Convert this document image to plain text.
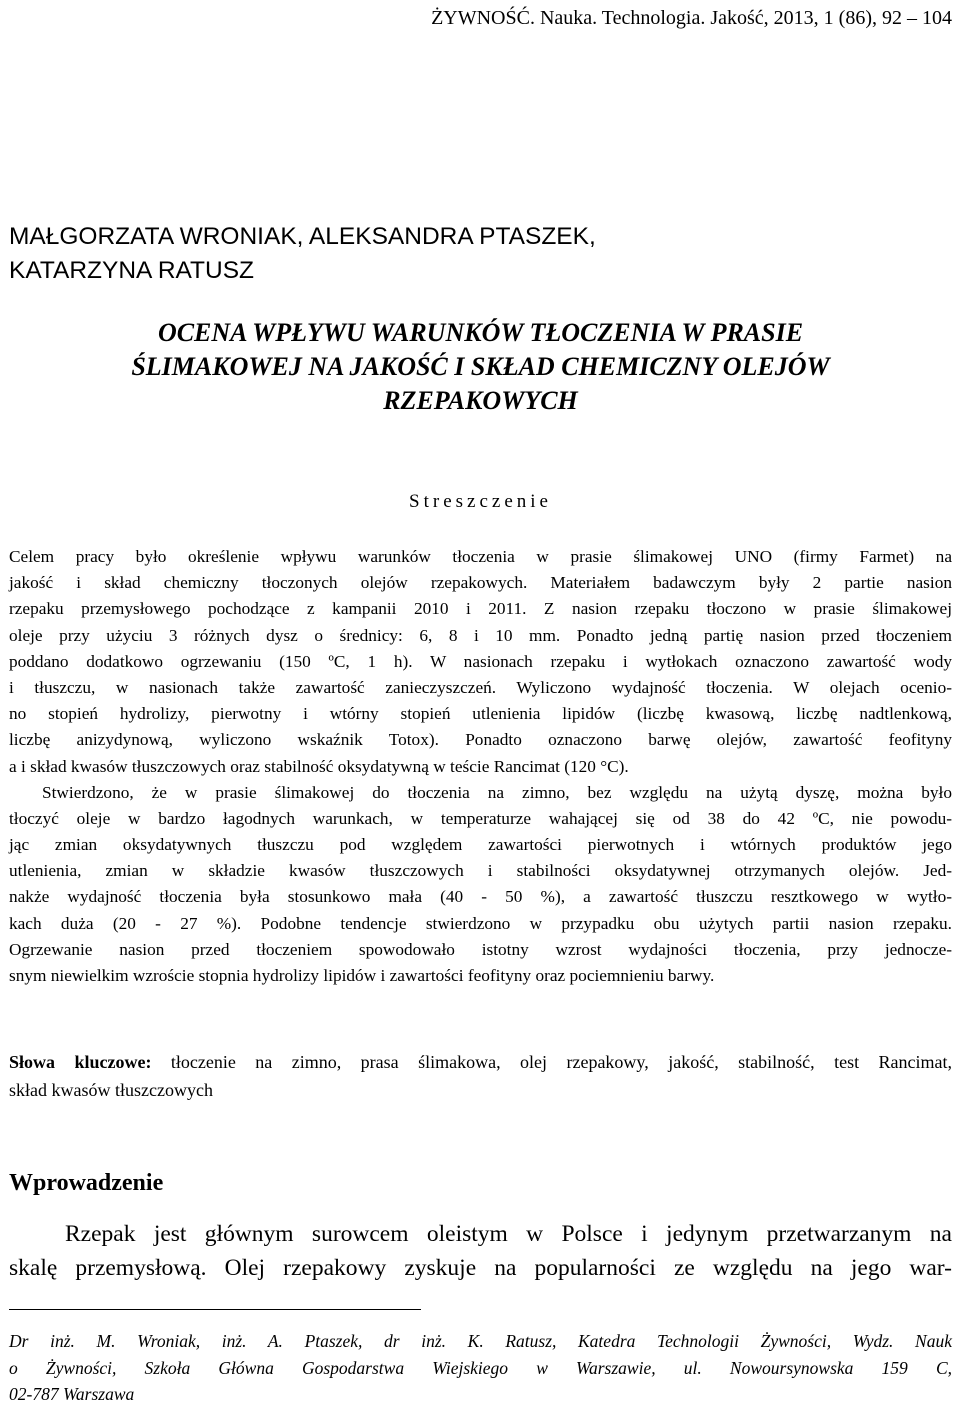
ŻYWNOŚĆ. Nauka. Technologia. Jakość, 2013, 1 (86), 92 – 104
MAŁGORZATA WRONIAK, ALEKSANDRA PTASZEK,
KATARZYNA RATUSZ
OCENA WPŁYWU WARUNKÓW TŁOCZENIA W PRASIE
ŚLIMAKOWEJ NA JAKOŚĆ I SKŁAD CHEMICZNY OLEJÓW
RZEPAKOWYCH
Streszczenie
Celem pracy było określenie wpływu warunków tłoczenia w prasie ślimakowej UNO (firmy Farmet) na
jakość i skład chemiczny tłoczonych olejów rzepakowych. Materiałem badawczym były 2 partie nasion
rzepaku przemysłowego pochodzące z kampanii 2010 i 2011. Z nasion rzepaku tłoczono w prasie ślimakowej
oleje przy użyciu 3 różnych dysz o średnicy: 6, 8 i 10 mm. Ponadto jedną partię nasion przed tłoczeniem
poddano dodatkowo ogrzewaniu (150 ºC, 1 h). W nasionach rzepaku i wytłokach oznaczono zawartość wody
i tłuszczu, w nasionach także zawartość zanieczyszczeń. Wyliczono wydajność tłoczenia. W olejach ocenio-
no stopień hydrolizy, pierwotny i wtórny stopień utlenienia lipidów (liczbę kwasową, liczbę nadtlenkową,
liczbę anizydynową, wyliczono wskaźnik Totox). Ponadto oznaczono barwę olejów, zawartość feofityny
a i skład kwasów tłuszczowych oraz stabilność oksydatywną w teście Rancimat (120 °C).
Stwierdzono, że w prasie ślimakowej do tłoczenia na zimno, bez względu na użytą dyszę, można było
tłoczyć oleje w bardzo łagodnych warunkach, w temperaturze wahającej się od 38 do 42 ºC, nie powodu-
jąc zmian oksydatywnych tłuszczu pod względem zawartości pierwotnych i wtórnych produktów jego
utlenienia, zmian w składzie kwasów tłuszczowych i stabilności oksydatywnej otrzymanych olejów. Jed-
nakże wydajność tłoczenia była stosunkowo mała (40 - 50 %), a zawartość tłuszczu resztkowego w wytło-
kach duża (20 - 27 %). Podobne tendencje stwierdzono w przypadku obu użytych partii nasion rzepaku.
Ogrzewanie nasion przed tłoczeniem spowodowało istotny wzrost wydajności tłoczenia, przy jednocze-
snym niewielkim wzroście stopnia hydrolizy lipidów i zawartości feofityny oraz pociemnieniu barwy.
Słowa kluczowe: tłoczenie na zimno, prasa ślimakowa, olej rzepakowy, jakość, stabilność, test Rancimat,
skład kwasów tłuszczowych
Wprowadzenie
Rzepak jest głównym surowcem oleistym w Polsce i jedynym przetwarzanym na
skalę przemysłową. Olej rzepakowy zyskuje na popularności ze względu na jego war-
Dr inż. M. Wroniak, inż. A. Ptaszek, dr inż. K. Ratusz, Katedra Technologii Żywności, Wydz. Nauk
o Żywności, Szkoła Główna Gospodarstwa Wiejskiego w Warszawie, ul. Nowoursynowska 159 C,
02-787 Warszawa
